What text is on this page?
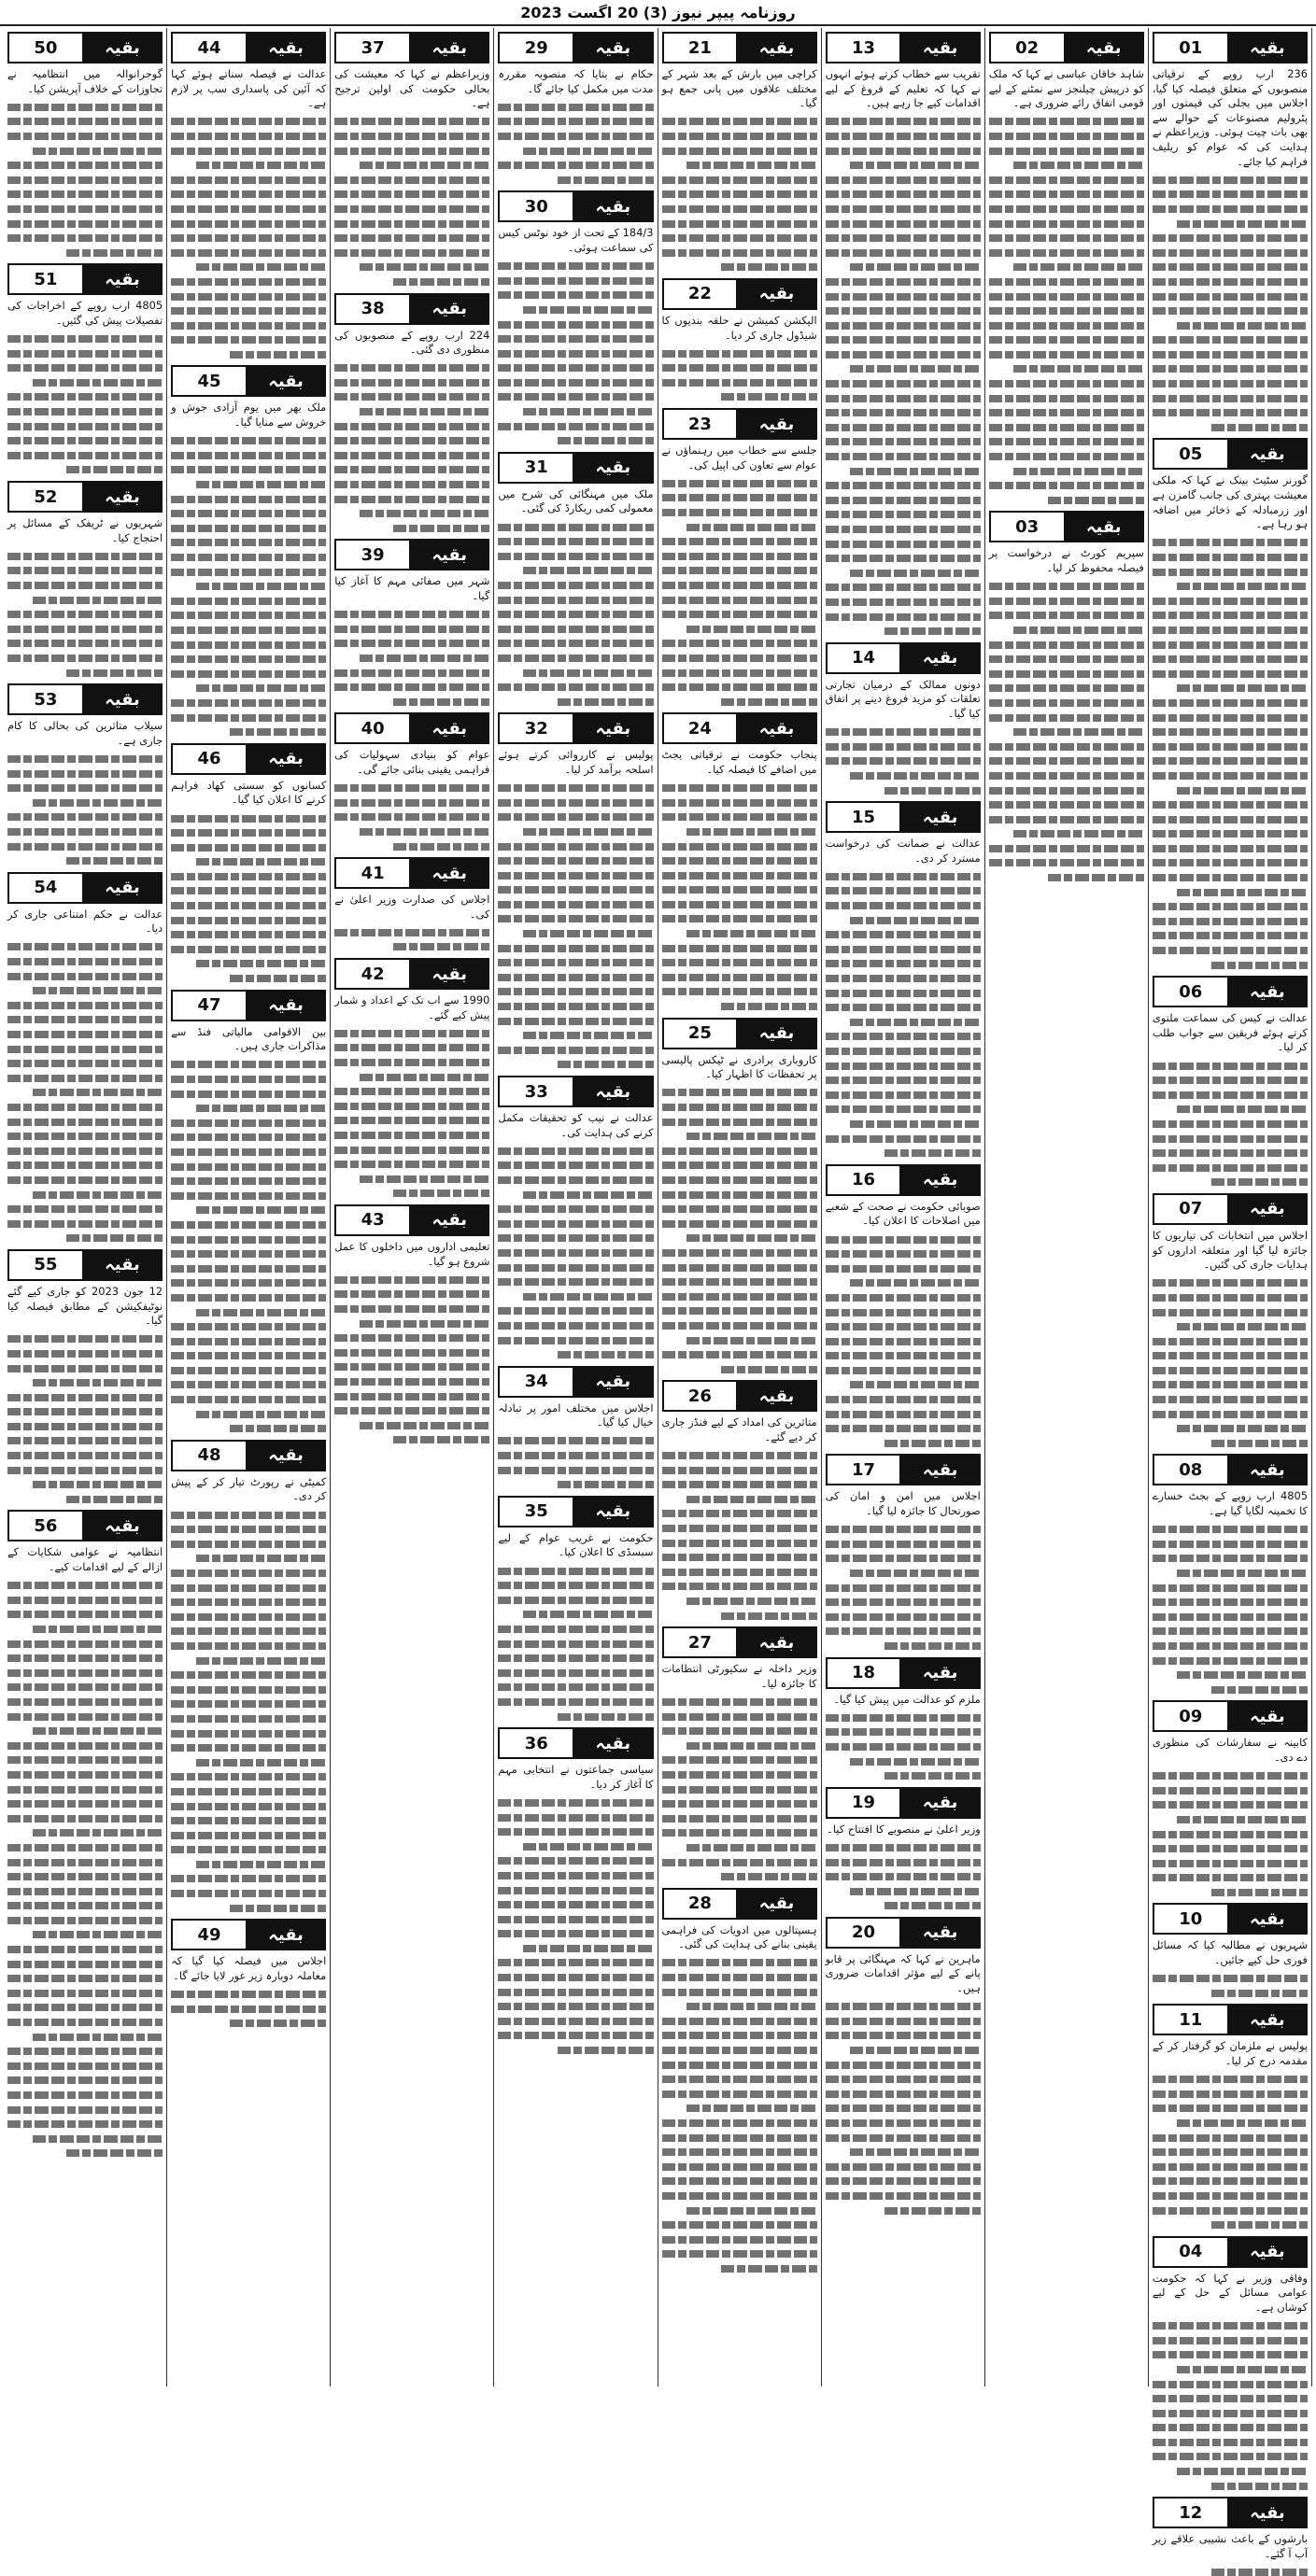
روزنامہ پیپر نیوز (3) 20 اگست 2023
01	بقیہ
236 ارب روپے کے ترقیاتی منصوبوں کے متعلق فیصلہ کیا گیا، اجلاس میں بجلی کی قیمتوں اور پٹرولیم مصنوعات کے حوالے سے بھی بات چیت ہوئی۔ وزیراعظم نے ہدایت کی کہ عوام کو ریلیف فراہم کیا جائے۔
05	بقیہ
گورنر سٹیٹ بینک نے کہا کہ ملکی معیشت بہتری کی جانب گامزن ہے اور زرمبادلہ کے ذخائر میں اضافہ ہو رہا ہے۔
06	بقیہ
عدالت نے کیس کی سماعت ملتوی کرتے ہوئے فریقین سے جواب طلب کر لیا۔
07	بقیہ
اجلاس میں انتخابات کی تیاریوں کا جائزہ لیا گیا اور متعلقہ اداروں کو ہدایات جاری کی گئیں۔
08	بقیہ
4805 ارب روپے کے بجٹ خسارے کا تخمینہ لگایا گیا ہے۔
09	بقیہ
کابینہ نے سفارشات کی منظوری دے دی۔
10	بقیہ
شہریوں نے مطالبہ کیا کہ مسائل فوری حل کیے جائیں۔
11	بقیہ
پولیس نے ملزمان کو گرفتار کر کے مقدمہ درج کر لیا۔
04	بقیہ
وفاقی وزیر نے کہا کہ حکومت عوامی مسائل کے حل کے لیے کوشاں ہے۔
12	بقیہ
بارشوں کے باعث نشیبی علاقے زیر آب آ گئے۔
02	بقیہ
شاہد خاقان عباسی نے کہا کہ ملک کو درپیش چیلنجز سے نمٹنے کے لیے قومی اتفاق رائے ضروری ہے۔
03	بقیہ
سپریم کورٹ نے درخواست پر فیصلہ محفوظ کر لیا۔
13	بقیہ
تقریب سے خطاب کرتے ہوئے انہوں نے کہا کہ تعلیم کے فروغ کے لیے اقدامات کیے جا رہے ہیں۔
14	بقیہ
دونوں ممالک کے درمیان تجارتی تعلقات کو مزید فروغ دینے پر اتفاق کیا گیا۔
15	بقیہ
عدالت نے ضمانت کی درخواست مسترد کر دی۔
16	بقیہ
صوبائی حکومت نے صحت کے شعبے میں اصلاحات کا اعلان کیا۔
17	بقیہ
اجلاس میں امن و امان کی صورتحال کا جائزہ لیا گیا۔
18	بقیہ
ملزم کو عدالت میں پیش کیا گیا۔
19	بقیہ
وزیر اعلیٰ نے منصوبے کا افتتاح کیا۔
20	بقیہ
ماہرین نے کہا کہ مہنگائی پر قابو پانے کے لیے مؤثر اقدامات ضروری ہیں۔
21	بقیہ
کراچی میں بارش کے بعد شہر کے مختلف علاقوں میں پانی جمع ہو گیا۔
22	بقیہ
الیکشن کمیشن نے حلقہ بندیوں کا شیڈول جاری کر دیا۔
23	بقیہ
جلسے سے خطاب میں رہنماؤں نے عوام سے تعاون کی اپیل کی۔
24	بقیہ
پنجاب حکومت نے ترقیاتی بجٹ میں اضافے کا فیصلہ کیا۔
25	بقیہ
کاروباری برادری نے ٹیکس پالیسی پر تحفظات کا اظہار کیا۔
26	بقیہ
متاثرین کی امداد کے لیے فنڈز جاری کر دیے گئے۔
27	بقیہ
وزیر داخلہ نے سکیورٹی انتظامات کا جائزہ لیا۔
28	بقیہ
ہسپتالوں میں ادویات کی فراہمی یقینی بنانے کی ہدایت کی گئی۔
29	بقیہ
حکام نے بتایا کہ منصوبہ مقررہ مدت میں مکمل کیا جائے گا۔
30	بقیہ
184/3 کے تحت از خود نوٹس کیس کی سماعت ہوئی۔
31	بقیہ
ملک میں مہنگائی کی شرح میں معمولی کمی ریکارڈ کی گئی۔
32	بقیہ
پولیس نے کارروائی کرتے ہوئے اسلحہ برآمد کر لیا۔
33	بقیہ
عدالت نے نیب کو تحقیقات مکمل کرنے کی ہدایت کی۔
34	بقیہ
اجلاس میں مختلف امور پر تبادلہ خیال کیا گیا۔
35	بقیہ
حکومت نے غریب عوام کے لیے سبسڈی کا اعلان کیا۔
36	بقیہ
سیاسی جماعتوں نے انتخابی مہم کا آغاز کر دیا۔
37	بقیہ
وزیراعظم نے کہا کہ معیشت کی بحالی حکومت کی اولین ترجیح ہے۔
38	بقیہ
224 ارب روپے کے منصوبوں کی منظوری دی گئی۔
39	بقیہ
شہر میں صفائی مہم کا آغاز کیا گیا۔
40	بقیہ
عوام کو بنیادی سہولیات کی فراہمی یقینی بنائی جائے گی۔
41	بقیہ
اجلاس کی صدارت وزیر اعلیٰ نے کی۔
42	بقیہ
1990 سے اب تک کے اعداد و شمار پیش کیے گئے۔
43	بقیہ
تعلیمی اداروں میں داخلوں کا عمل شروع ہو گیا۔
44	بقیہ
عدالت نے فیصلہ سناتے ہوئے کہا کہ آئین کی پاسداری سب پر لازم ہے۔
45	بقیہ
ملک بھر میں یوم آزادی جوش و خروش سے منایا گیا۔
46	بقیہ
کسانوں کو سستی کھاد فراہم کرنے کا اعلان کیا گیا۔
47	بقیہ
بین الاقوامی مالیاتی فنڈ سے مذاکرات جاری ہیں۔
48	بقیہ
کمیٹی نے رپورٹ تیار کر کے پیش کر دی۔
49	بقیہ
اجلاس میں فیصلہ کیا گیا کہ معاملہ دوبارہ زیر غور لایا جائے گا۔
50	بقیہ
گوجرانوالہ میں انتظامیہ نے تجاوزات کے خلاف آپریشن کیا۔
51	بقیہ
4805 ارب روپے کے اخراجات کی تفصیلات پیش کی گئیں۔
52	بقیہ
شہریوں نے ٹریفک کے مسائل پر احتجاج کیا۔
53	بقیہ
سیلاب متاثرین کی بحالی کا کام جاری ہے۔
54	بقیہ
عدالت نے حکم امتناعی جاری کر دیا۔
55	بقیہ
12 جون 2023 کو جاری کیے گئے نوٹیفکیشن کے مطابق فیصلہ کیا گیا۔
56	بقیہ
انتظامیہ نے عوامی شکایات کے ازالے کے لیے اقدامات کیے۔
